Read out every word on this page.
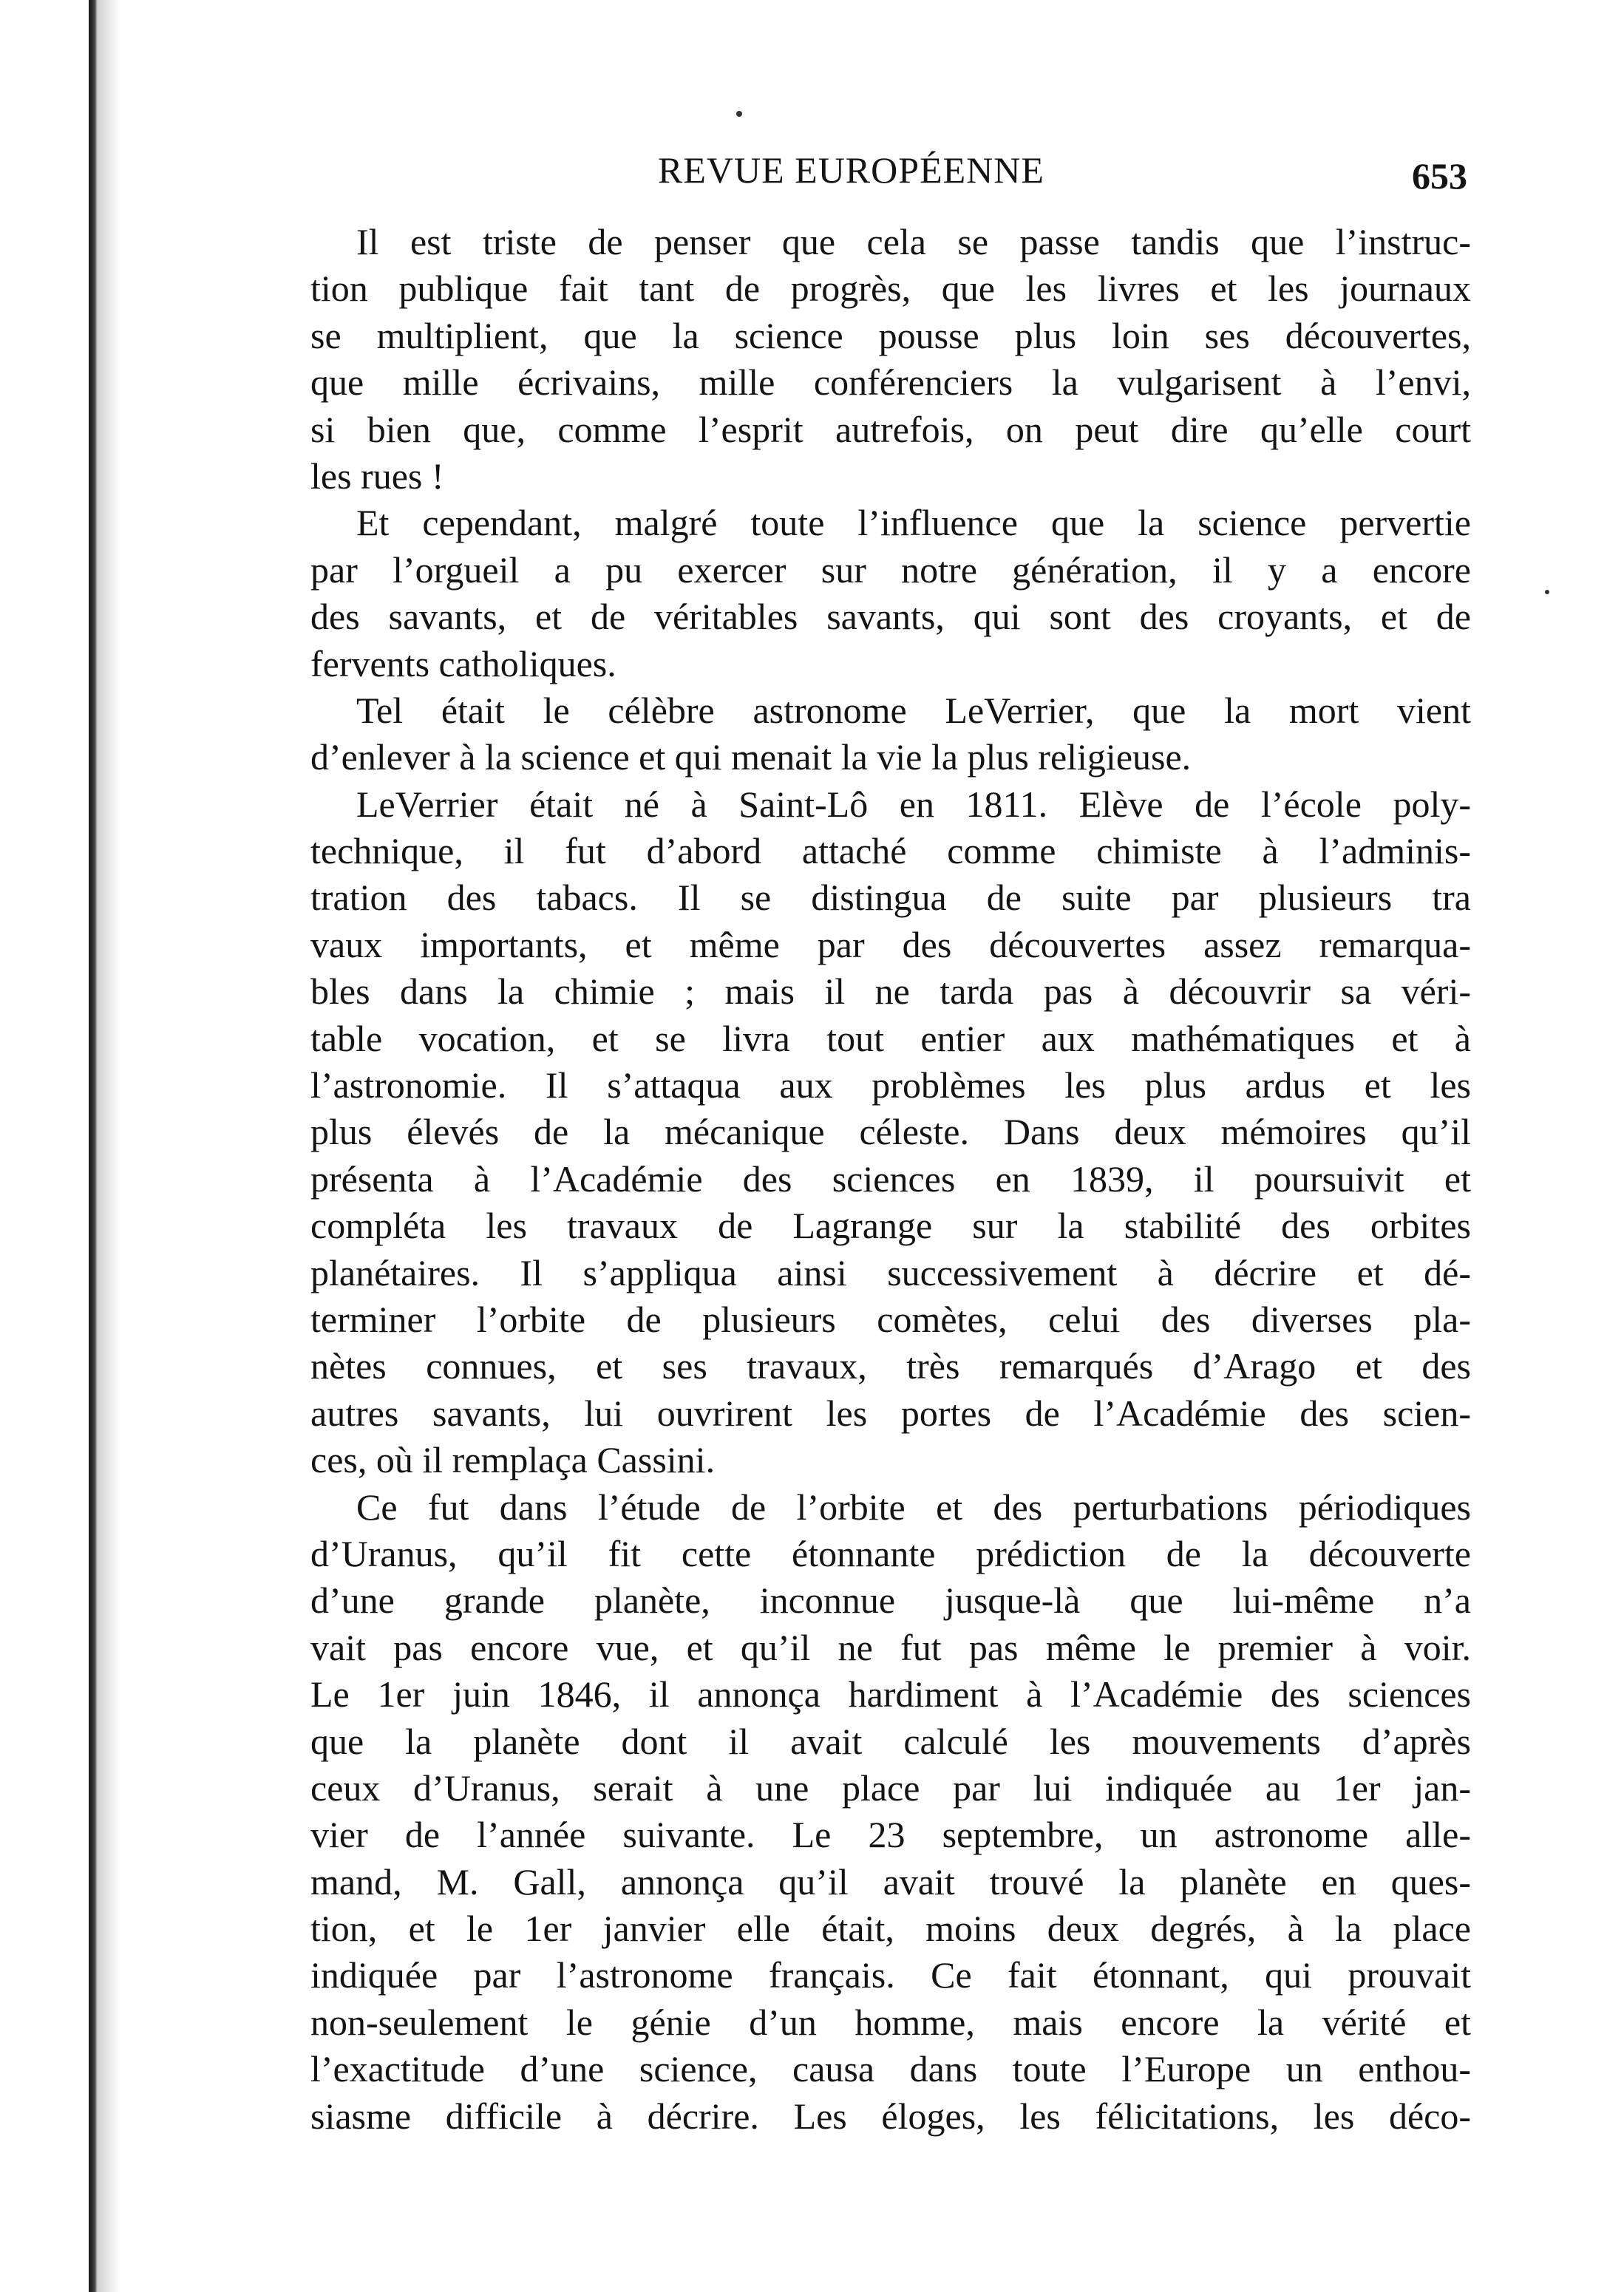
REVUE EUROPÉENNE	653
Il est triste de penser que cela se passe tandis que l’instruc-
tion publique fait tant de progrès, que les livres et les journaux
se multiplient, que la science pousse plus loin ses découvertes,
que mille écrivains, mille conférenciers la vulgarisent à l’envi,
si bien que, comme l’esprit autrefois, on peut dire qu’elle court
les rues !
Et cependant, malgré toute l’influence que la science pervertie
par l’orgueil a pu exercer sur notre génération, il y a encore
des savants, et de véritables savants, qui sont des croyants, et de
fervents catholiques.
Tel était le célèbre astronome LeVerrier, que la mort vient
d’enlever à la science et qui menait la vie la plus religieuse.
LeVerrier était né à Saint-Lô en 1811. Elève de l’école poly-
technique, il fut d’abord attaché comme chimiste à l’adminis-
tration des tabacs. Il se distingua de suite par plusieurs tra
vaux importants, et même par des découvertes assez remarqua-
bles dans la chimie ; mais il ne tarda pas à découvrir sa véri-
table vocation, et se livra tout entier aux mathématiques et à
l’astronomie. Il s’attaqua aux problèmes les plus ardus et les
plus élevés de la mécanique céleste. Dans deux mémoires qu’il
présenta à l’Académie des sciences en 1839, il poursuivit et
compléta les travaux de Lagrange sur la stabilité des orbites
planétaires. Il s’appliqua ainsi successivement à décrire et dé-
terminer l’orbite de plusieurs comètes, celui des diverses pla-
nètes connues, et ses travaux, très remarqués d’Arago et des
autres savants, lui ouvrirent les portes de l’Académie des scien-
ces, où il remplaça Cassini.
Ce fut dans l’étude de l’orbite et des perturbations périodiques
d’Uranus, qu’il fit cette étonnante prédiction de la découverte
d’une grande planète, inconnue jusque-là que lui-même n’a
vait pas encore vue, et qu’il ne fut pas même le premier à voir.
Le 1er juin 1846, il annonça hardiment à l’Académie des sciences
que la planète dont il avait calculé les mouvements d’après
ceux d’Uranus, serait à une place par lui indiquée au 1er jan-
vier de l’année suivante. Le 23 septembre, un astronome alle-
mand, M. Gall, annonça qu’il avait trouvé la planète en ques-
tion, et le 1er janvier elle était, moins deux degrés, à la place
indiquée par l’astronome français. Ce fait étonnant, qui prouvait
non-seulement le génie d’un homme, mais encore la vérité et
l’exactitude d’une science, causa dans toute l’Europe un enthou-
siasme difficile à décrire. Les éloges, les félicitations, les déco-
